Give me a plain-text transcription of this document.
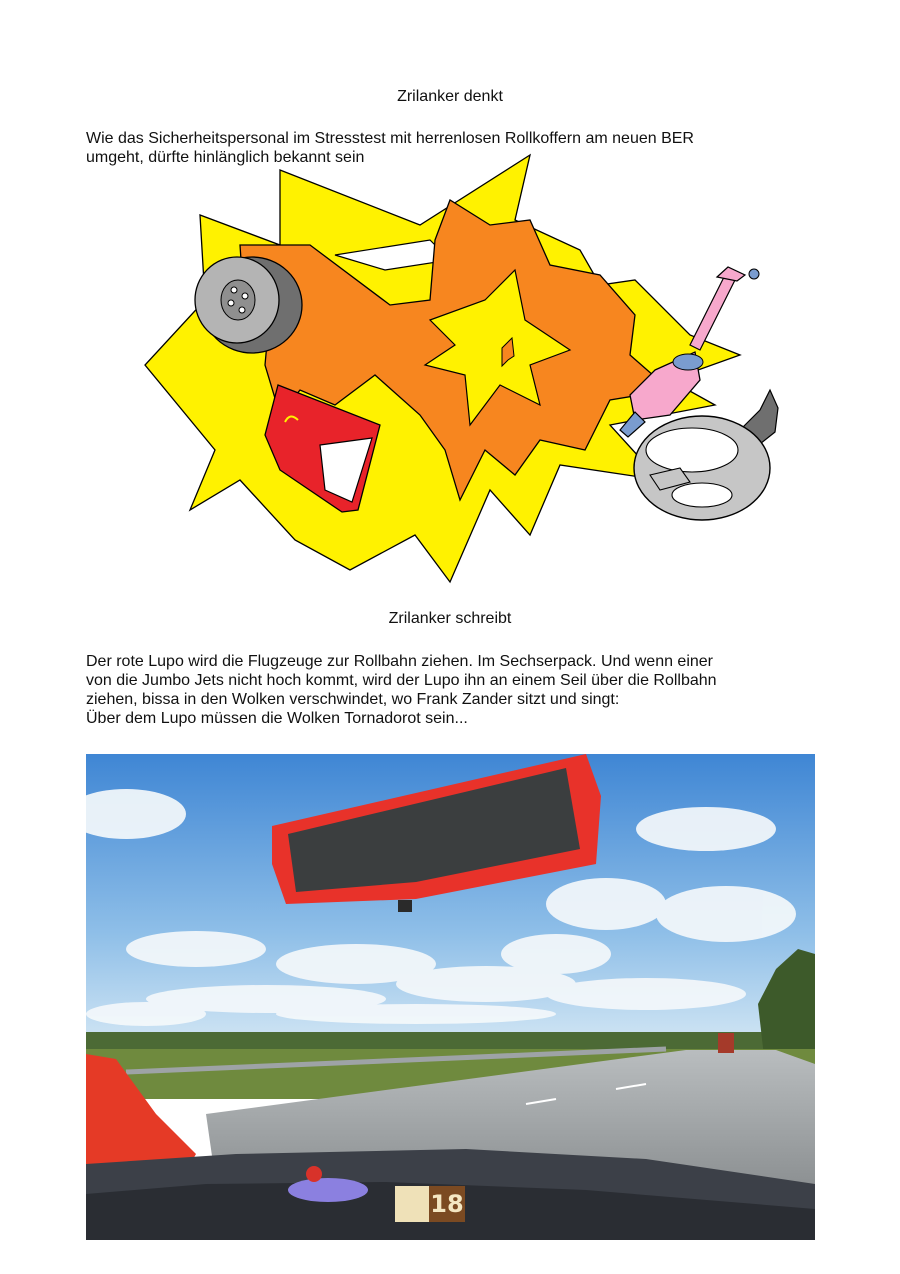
Zrilanker denkt

Wie das Sicherheitspersonal im Stresstest mit herrenlosen Rollkoffern am neuen BER
umgeht, dürfte hinlänglich bekannt sein

Zrilanker schreibt

Der rote Lupo wird die Flugzeuge zur Rollbahn ziehen. Im Sechserpack. Und wenn einer
von die Jumbo Jets nicht hoch kommt, wird der Lupo ihn an einem Seil über die Rollbahn
ziehen, bissa in den Wolken verschwindet, wo Frank Zander sitzt und singt:
Über dem Lupo müssen die Wolken Tornadorot sein...

18
